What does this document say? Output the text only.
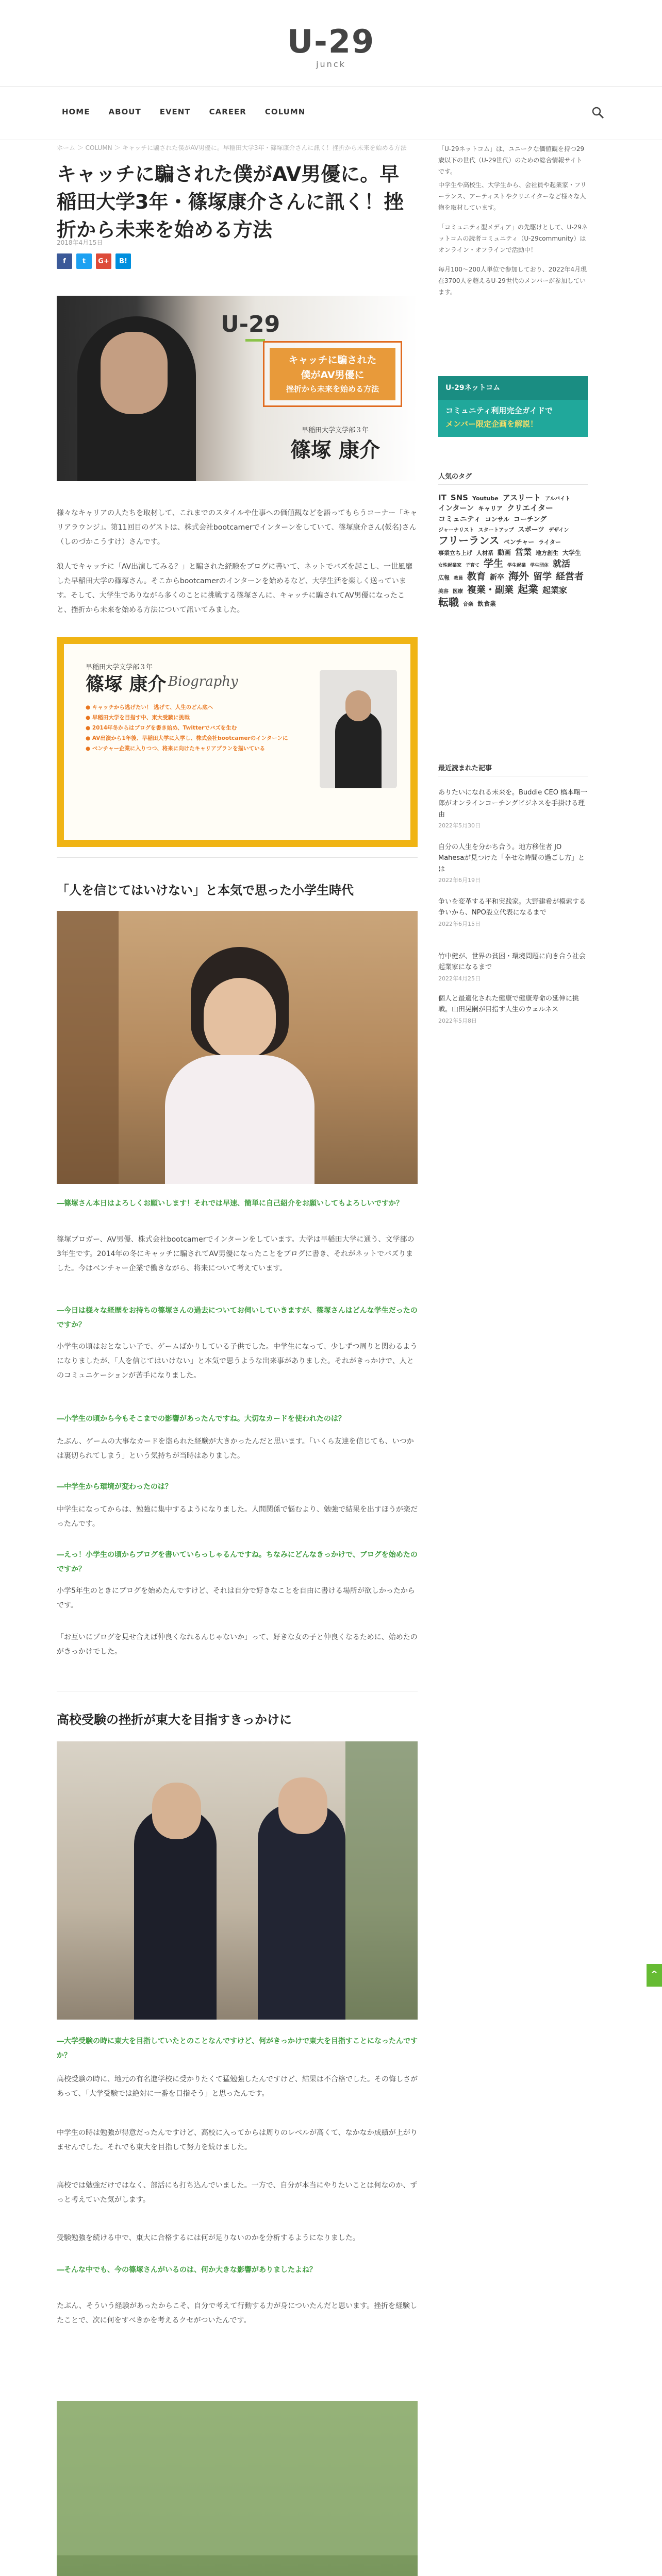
U-29
junck
HOME ABOUT EVENT CAREER COLUMN
ホーム ＞ COLUMN ＞ キャッチに騙された僕がAV男優に。早稲田大学3年・篠塚康介さんに訊く！挫折から未来を始める方法
キャッチに騙された僕がAV男優に。早稲田大学3年・篠塚康介さんに訊く！挫折から未来を始める方法
2018年4月15日
f	t	G+	B!
U-29
キャッチに騙された
僕がAV男優に
挫折から未来を始める方法
早稲田大学文学部３年
篠塚 康介

様々なキャリアの人たちを取材して、これまでのスタイルや仕事への価値観などを語ってもらうコーナー「キャリアラウンジ」。第11回目のゲストは、株式会社bootcamerでインターンをしていて、篠塚康介さん(仮名)さん（しのづかこうすけ）さんです。

浪人でキャッチに「AV出演してみる？」と騙された経験をブログに書いて、ネットでバズを起こし、一世風靡した早稲田大学の篠塚さん。そこからbootcamerのインターンを始めるなど、大学生活を楽しく送っています。そして、大学生でありながら多くのことに挑戦する篠塚さんに、キャッチに騙されてAV男優になったこと、挫折から未来を始める方法について訊いてみました。

早稲田大学文学部３年
篠塚 康介 Biography
● キャッチから逃げたい！ 逃げて、人生のどん底へ
● 早稲田大学を目指す中、東大受験に挑戦
● 2014年冬からはブログを書き始め、Twitterでバズを生む
● AV出演から1年後、早稲田大学に入学し、株式会社bootcamerのインターンに
● ベンチャー企業に入りつつ、将来に向けたキャリアプランを描いている
「人を信じてはいけない」と本気で思った小学生時代

―篠塚さん本日はよろしくお願いします！それでは早速、簡単に自己紹介をお願いしてもよろしいですか？

篠塚ブロガー、AV男優、株式会社bootcamerでインターンをしています。大学は早稲田大学に通う、文学部の3年生です。2014年の冬にキャッチに騙されてAV男優になったことをブログに書き、それがネットでバズりました。今はベンチャー企業で働きながら、将来について考えています。

―今日は様々な経歴をお持ちの篠塚さんの過去についてお伺いしていきますが、篠塚さんはどんな学生だったのですか？

小学生の頃はおとなしい子で、ゲームばかりしている子供でした。中学生になって、少しずつ周りと関わるようになりましたが、「人を信じてはいけない」と本気で思うような出来事がありました。それがきっかけで、人とのコミュニケーションが苦手になりました。

―小学生の頃から今もそこまでの影響があったんですね。大切なカードを使われたのは？

たぶん、ゲームの大事なカードを盗られた経験が大きかったんだと思います。「いくら友達を信じても、いつかは裏切られてしまう」という気持ちが当時はありました。

―中学生から環境が変わったのは？

中学生になってからは、勉強に集中するようになりました。人間関係で悩むより、勉強で結果を出すほうが楽だったんです。

―えっ！小学生の頃からブログを書いていらっしゃるんですね。ちなみにどんなきっかけで、ブログを始めたのですか？

小学5年生のときにブログを始めたんですけど、それは自分で好きなことを自由に書ける場所が欲しかったからです。

「お互いにブログを見せ合えば仲良くなれるんじゃないか」って、好きな女の子と仲良くなるために、始めたのがきっかけでした。

高校受験の挫折が東大を目指すきっかけに

―大学受験の時に東大を目指していたとのことなんですけど、何がきっかけで東大を目指すことになったんですか？

高校受験の時に、地元の有名進学校に受かりたくて猛勉強したんですけど、結果は不合格でした。その悔しさがあって、「大学受験では絶対に一番を目指そう」と思ったんです。

中学生の時は勉強が得意だったんですけど、高校に入ってからは周りのレベルが高くて、なかなか成績が上がりませんでした。それでも東大を目指して努力を続けました。

高校では勉強だけではなく、部活にも打ち込んでいました。一方で、自分が本当にやりたいことは何なのか、ずっと考えていた気がします。

受験勉強を続ける中で、東大に合格するには何が足りないのかを分析するようになりました。

―そんな中でも、今の篠塚さんがいるのは、何か大きな影響がありましたよね？

たぶん、そういう経験があったからこそ、自分で考えて行動する力が身についたんだと思います。挫折を経験したことで、次に何をすべきかを考えるクセがついたんです。

「U-29ネットコム」は、ユニークな価値観を持つ29歳以下の世代（U-29世代）のための総合情報サイトです。

中学生や高校生、大学生から、会社員や起業家・フリーランス、アーティストやクリエイターなど様々な人物を取材しています。

「コミュニティ型メディア」の先駆けとして、U-29ネットコムの読者コミュニティ（U-29community）はオンライン・オフラインで活動中！

毎月100〜200人単位で参加しており、2022年4月現在3700人を超えるU-29世代のメンバーが参加しています。

U-29ネットコム
コミュニティ利用完全ガイドで
メンバー限定企画を解説！
人気のタグ
IT SNS Youtube アスリート アルバイトインターン キャリア クリエイターコミュニティ コンサル コーチングジャーナリスト スタートアップ スポーツ デザインフリーランス ベンチャー ライター事業立ち上げ 人材系 動画 営業 地方創生 大学生女性起業家 子育て 学生 学生起業 学生団体 就活広報 教員 教育 新卒 海外 留学 経営者美容 医療 複業・副業 起業 起業家転職 音楽 飲食業
最近読まれた記事
ありたいになれる未来を。Buddie CEO 橋本曙一郎がオンラインコーチングビジネスを手掛ける理由
2022年5月30日
自分の人生を分かち合う。地方移住者 JO Mahesaが見つけた「幸せな時間の過ごし方」とは
2022年6月19日
争いを変革する平和実践家。大野建希が模索する争いから、NPO設立代表になるまで
2022年6月15日
竹中健が、世界の貧困・環境問題に向き合う社会起業家になるまで
2022年4月25日
個人と最適化された健康で健康寿命の延伸に挑戦。山田晃嗣が目指す人生のウェルネス
2022年5月8日
^
